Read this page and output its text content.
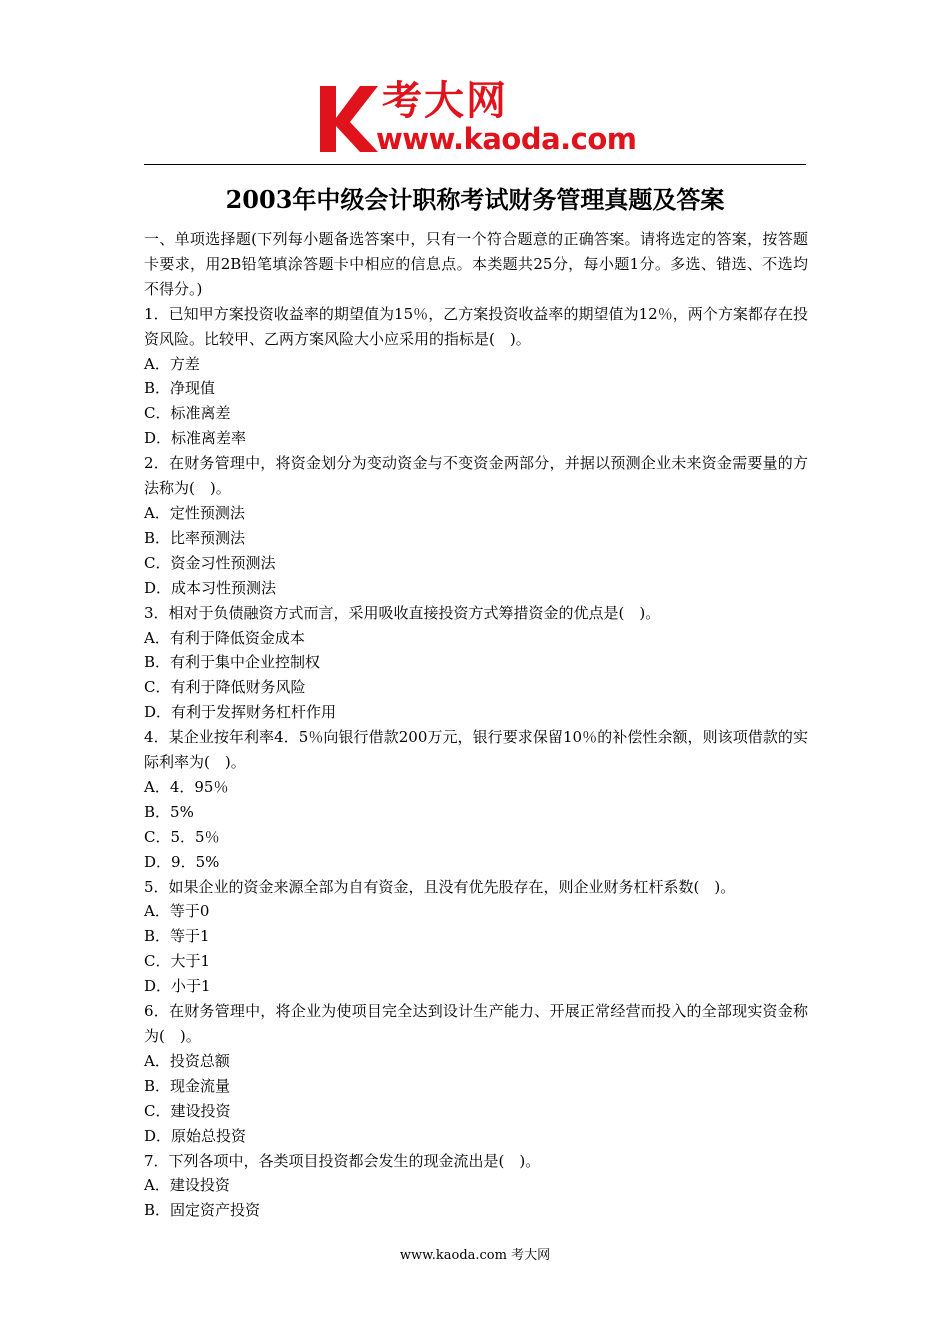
考大网
www.kaoda.com
2003年中级会计职称考试财务管理真题及答案

一、单项选择题(下列每小题备选答案中，只有一个符合题意的正确答案。请将选定的答案，按答题卡要求，用2B铅笔填涂答题卡中相应的信息点。本类题共25分，每小题1分。多选、错选、不选均不得分。)

1．已知甲方案投资收益率的期望值为15％，乙方案投资收益率的期望值为12％，两个方案都存在投资风险。比较甲、乙两方案风险大小应采用的指标是(　)。

A．方差

B．净现值

C．标准离差

D．标准离差率

2．在财务管理中，将资金划分为变动资金与不变资金两部分，并据以预测企业未来资金需要量的方法称为(　)。

A．定性预测法

B．比率预测法

C．资金习性预测法

D．成本习性预测法

3．相对于负债融资方式而言，采用吸收直接投资方式筹措资金的优点是(　)。

A．有利于降低资金成本

B．有利于集中企业控制权

C．有利于降低财务风险

D．有利于发挥财务杠杆作用

4．某企业按年利率4．5％向银行借款200万元，银行要求保留10％的补偿性余额，则该项借款的实际利率为(　)。

A．4．95％

B．5%

C．5．5％

D．9．5%

5．如果企业的资金来源全部为自有资金，且没有优先股存在，则企业财务杠杆系数(　)。

A．等于0

B．等于1

C．大于1

D．小于1

6．在财务管理中，将企业为使项目完全达到设计生产能力、开展正常经营而投入的全部现实资金称为(　)。

A．投资总额

B．现金流量

C．建设投资

D．原始总投资

7．下列各项中，各类项目投资都会发生的现金流出是(　)。

A．建设投资

B．固定资产投资

www.kaoda.com 考大网
